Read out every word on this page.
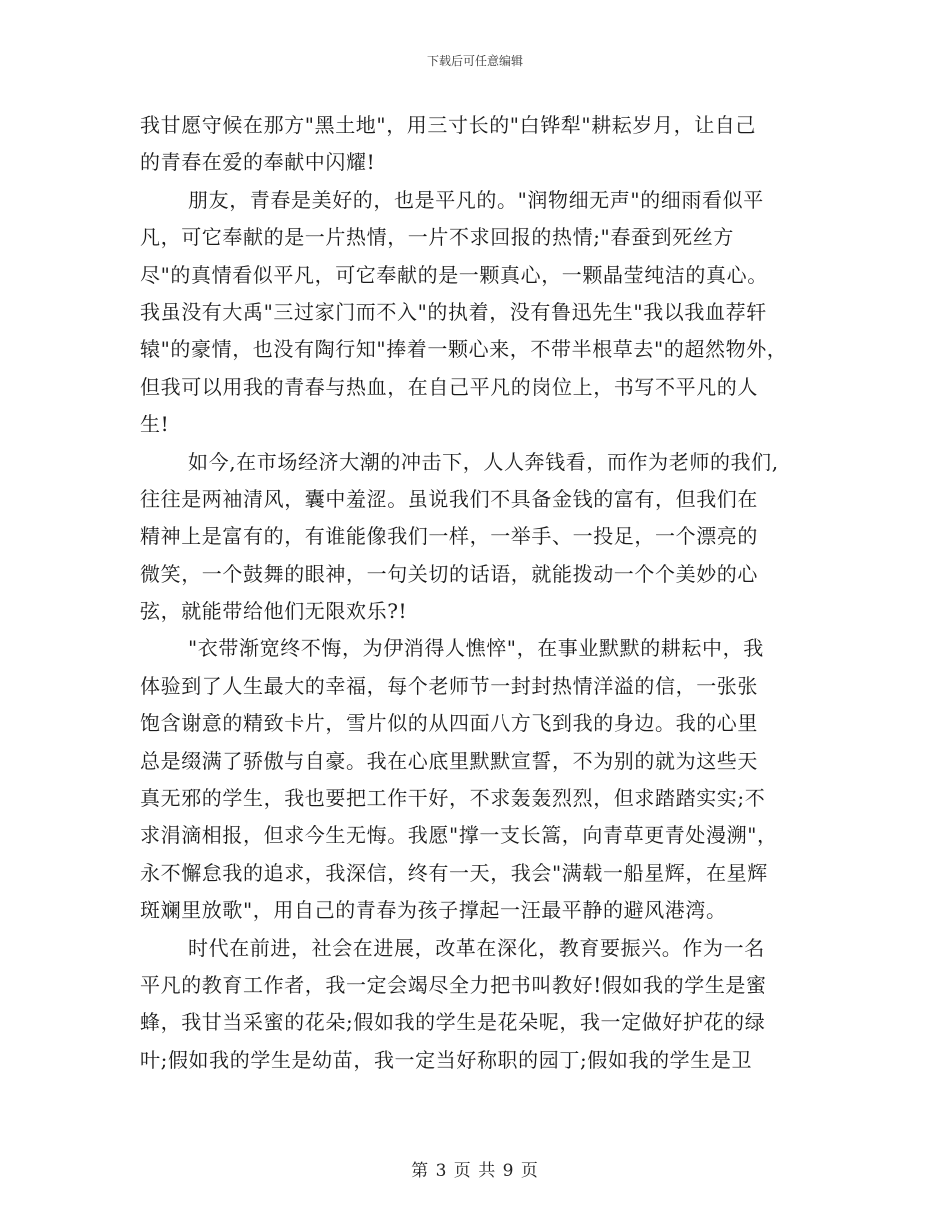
下载后可任意编辑
我甘愿守候在那方"黑土地"，用三寸长的"白铧犁"耕耘岁月，让自己
的青春在爱的奉献中闪耀!
朋友，青春是美好的，也是平凡的。"润物细无声"的细雨看似平
凡，可它奉献的是一片热情，一片不求回报的热情;"春蚕到死丝方
尽"的真情看似平凡，可它奉献的是一颗真心，一颗晶莹纯洁的真心。
我虽没有大禹"三过家门而不入"的执着，没有鲁迅先生"我以我血荐轩
辕"的豪情，也没有陶行知"捧着一颗心来，不带半根草去"的超然物外，
但我可以用我的青春与热血，在自己平凡的岗位上，书写不平凡的人
生!
如今,在市场经济大潮的冲击下，人人奔钱看，而作为老师的我们,
往往是两袖清风，囊中羞涩。虽说我们不具备金钱的富有，但我们在
精神上是富有的，有谁能像我们一样，一举手、一投足，一个漂亮的
微笑，一个鼓舞的眼神，一句关切的话语，就能拨动一个个美妙的心
弦，就能带给他们无限欢乐?!
"衣带渐宽终不悔，为伊消得人憔悴"，在事业默默的耕耘中，我
体验到了人生最大的幸福，每个老师节一封封热情洋溢的信，一张张
饱含谢意的精致卡片，雪片似的从四面八方飞到我的身边。我的心里
总是缀满了骄傲与自豪。我在心底里默默宣誓，不为别的就为这些天
真无邪的学生，我也要把工作干好，不求轰轰烈烈，但求踏踏实实;不
求涓滴相报，但求今生无悔。我愿"撑一支长篙，向青草更青处漫溯"，
永不懈怠我的追求，我深信，终有一天，我会"满载一船星辉，在星辉
斑斓里放歌"，用自己的青春为孩子撑起一汪最平静的避风港湾。
时代在前进，社会在进展，改革在深化，教育要振兴。作为一名
平凡的教育工作者，我一定会竭尽全力把书叫教好!假如我的学生是蜜
蜂，我甘当采蜜的花朵;假如我的学生是花朵呢，我一定做好护花的绿
叶;假如我的学生是幼苗，我一定当好称职的园丁;假如我的学生是卫
第 3 页 共 9 页
